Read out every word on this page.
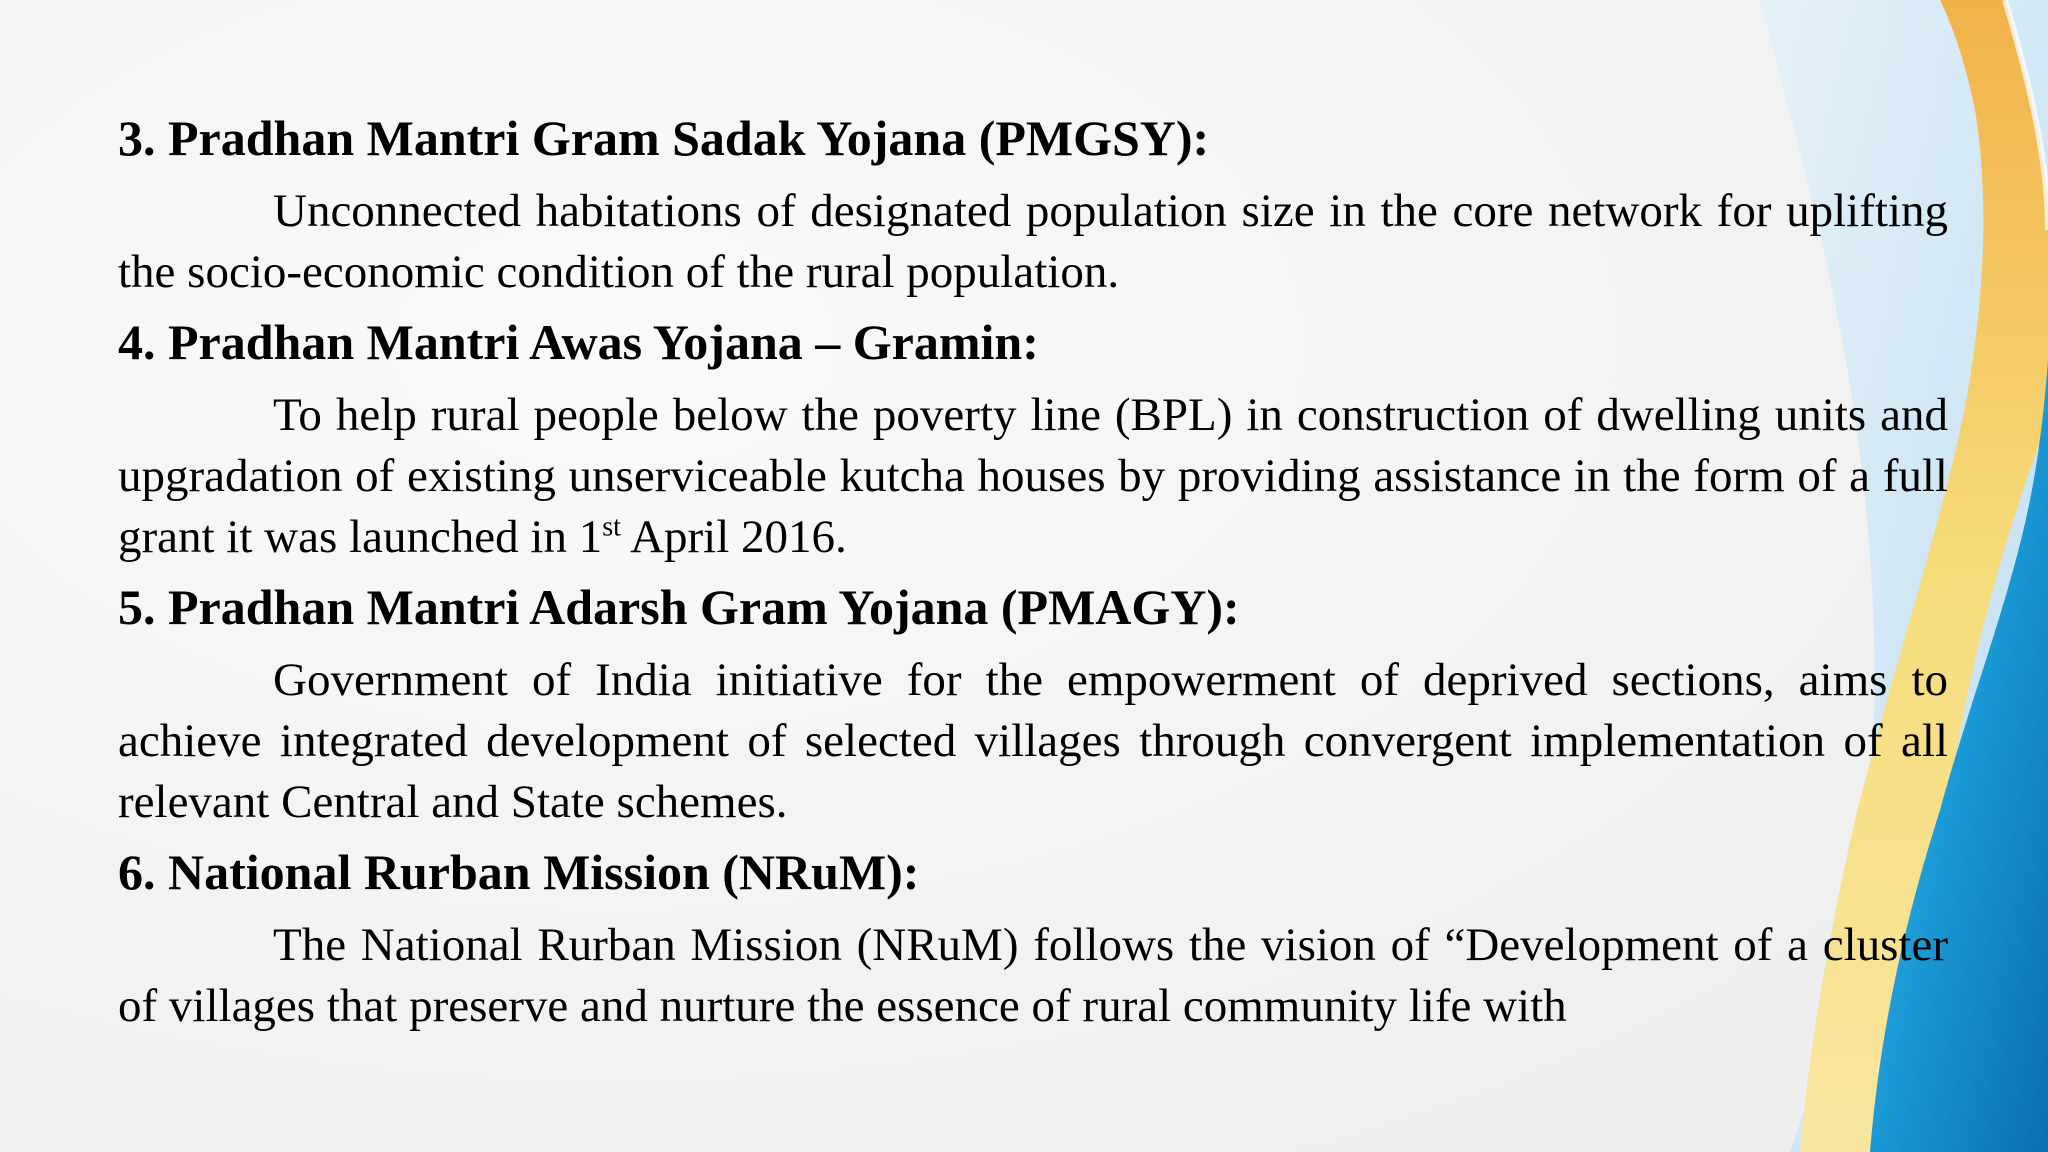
3. Pradhan Mantri Gram Sadak Yojana (PMGSY):
Unconnected habitations of designated population size in the core network for uplifting the socio-economic condition of the rural population.
4. Pradhan Mantri Awas Yojana – Gramin:
To help rural people below the poverty line (BPL) in construction of dwelling units and upgradation of existing unserviceable kutcha houses by providing assistance in the form of a full grant it was launched in 1st April 2016.
5. Pradhan Mantri Adarsh Gram Yojana (PMAGY):
Government of India initiative for the empowerment of deprived sections, aims to achieve integrated development of selected villages through convergent implementation of all relevant Central and State schemes.
6. National Rurban Mission (NRuM):
The National Rurban Mission (NRuM) follows the vision of “Development of a cluster of villages that preserve and nurture the essence of rural community life with
